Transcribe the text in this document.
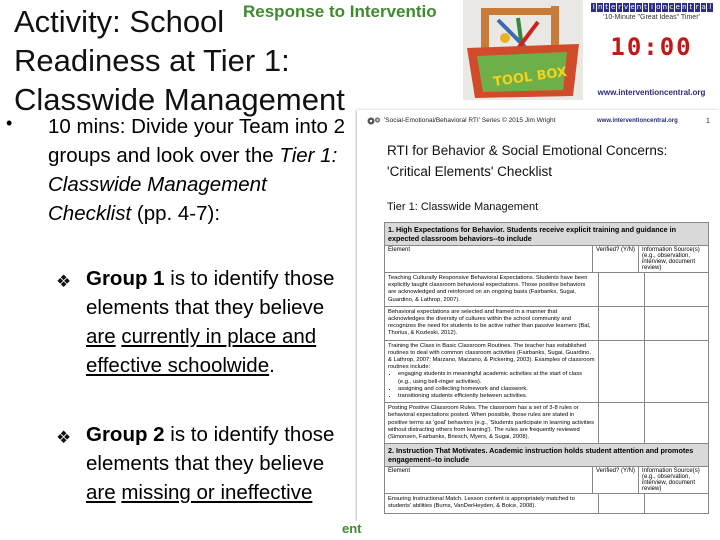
Response to Interventio
Activity: School
Readiness at Tier 1:

Classwide Management
TOOL BOX
I n t e r v e n t i o n c e n t r a l
'10-Minute "Great Ideas" Timer'
10:00
www.interventioncentral.org
• 10 mins: Divide your Team into 2 groups and look over the Tier 1: Classwide Management Checklist (pp. 4-7):
❖ Group 1 is to identify those elements that they believe are currently in place and effective schoolwide.
❖ Group 2 is to identify those elements that they believe are missing or ineffective
'Social-Emotional/Behavioral RTI' Series © 2015 Jim Wright	www.interventioncentral.org	1
RTI for Behavior & Social Emotional Concerns:
'Critical Elements' Checklist
Tier 1: Classwide Management
1. High Expectations for Behavior. Students receive explicit training and guidance in expected classroom behaviors--to include
Element	Verified? (Y/N)	Information Source(s) (e.g., observation, interview, document review)
Teaching Culturally Responsive Behavioral Expectations. Students have been explicitly taught classroom behavioral expectations. Those positive behaviors are acknowledged and reinforced on an ongoing basis (Fairbanks, Sugai, Guardino, & Lathrop, 2007).
Behavioral expectations are selected and framed in a manner that acknowledges the diversity of cultures within the school community and recognizes the need for students to be active rather than passive learners (Bal, Thorius, & Kozleski, 2012).
Training the Class in Basic Classroom Routines. The teacher has established routines to deal with common classroom activities (Fairbanks, Sugai, Guardino, & Lathrop, 2007; Marzano, Marzano, & Pickering, 2003). Examples of classroom routines include:
• engaging students in meaningful academic activities at the start of class (e.g., using bell-ringer activities).
• assigning and collecting homework and classwork.
• transitioning students efficiently between activities.
Posting Positive Classroom Rules. The classroom has a set of 3-8 rules or behavioral expectations posted. When possible, those rules are stated in positive terms as 'goal' behaviors (e.g., 'Students participate in learning activities without distracting others from learning'). The rules are frequently reviewed (Simonsen, Fairbanks, Briesch, Myers, & Sugai, 2008).
2. Instruction That Motivates. Academic instruction holds student attention and promotes engagement--to include
Element	Verified? (Y/N)	Information Source(s) (e.g., observation, interview, document review)
Ensuring Instructional Match. Lesson content is appropriately matched to students' abilities (Burns, VanDerHeyden, & Boice, 2008).
ent
